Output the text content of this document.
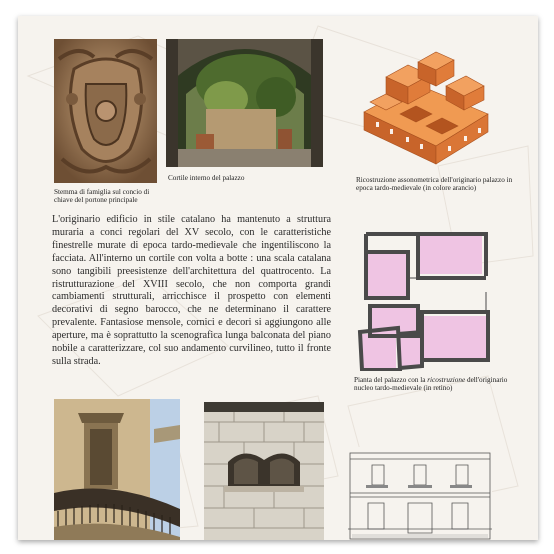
Stemma di famiglia sul concio di chiave del portone principale
Cortile interno del palazzo	Ricostruzione assonometrica dell'originario palazzo in epoca tardo-medievale (in colore arancio)

L'originario edificio in stile catalano ha mantenuto a struttura muraria a conci regolari del XV secolo, con le caratteristiche finestrelle murate di epoca tardo-medievale che ingentiliscono la facciata. All'interno un cortile con volta a botte : una scala catalana sono tangibili preesistenze dell'architettura del quattrocento. La ristrutturazione del XVIII secolo, che non comporta grandi cambiamenti strutturali, arricchisce il prospetto con elementi decorativi di segno barocco, che ne determinano il carattere prevalente. Fantasiose mensole, cornici e decori si aggiungono alle aperture, ma è soprattutto la scenografica lunga balconata del piano nobile a caratterizzare, col suo andamento curvilineo, tutto il fronte sulla strada.

Pianta del palazzo con la ricostruzione dell'originario nucleo tardo-medievale (in retino)
